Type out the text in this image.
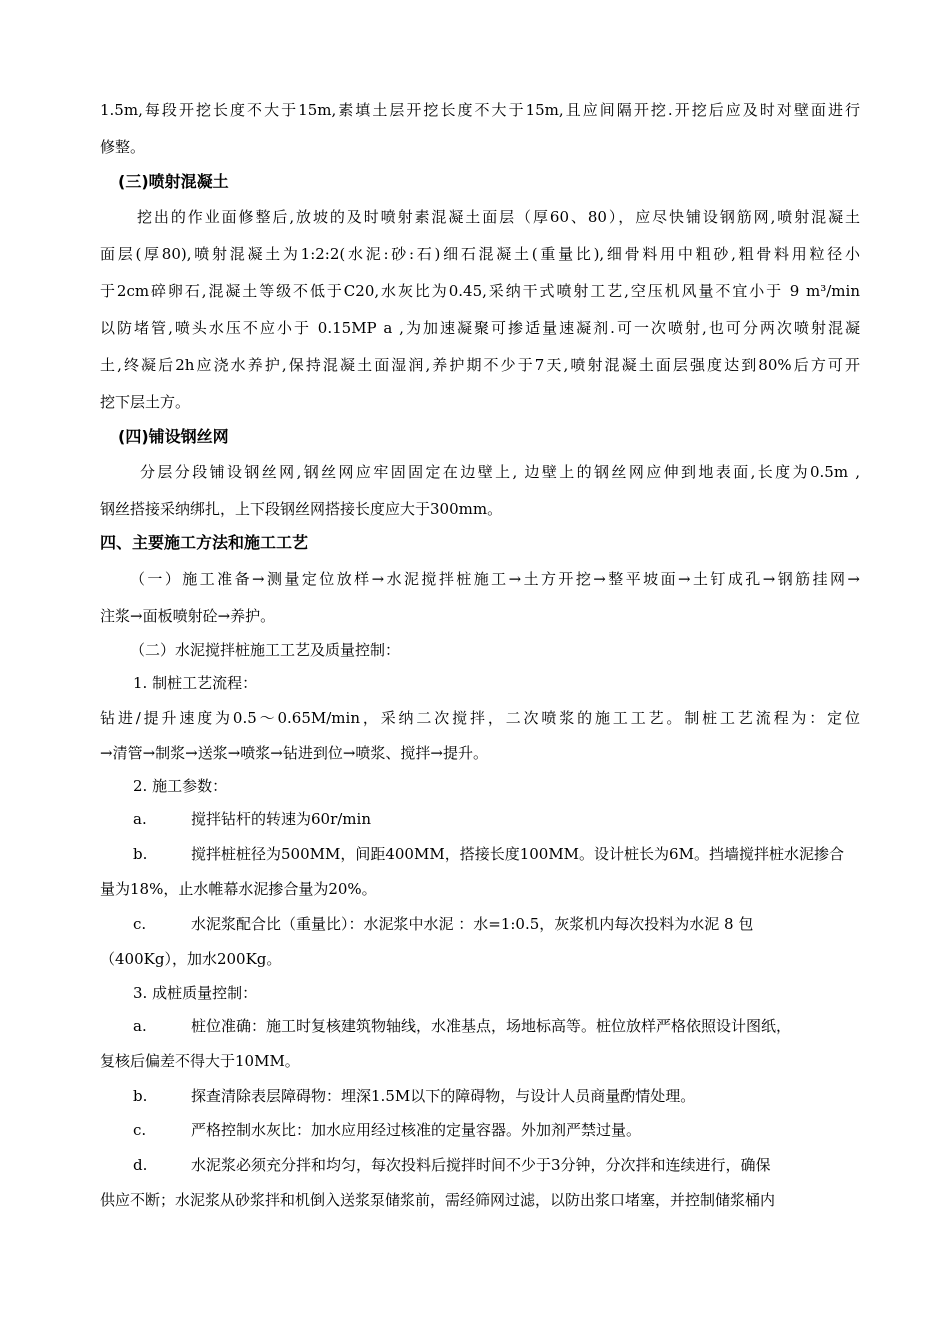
1.5m,每段开挖长度不大于15m,素填土层开挖长度不大于15m,且应间隔开挖.开挖后应及时对壁面进行
修整。
(三)喷射混凝土
挖出的作业面修整后,放坡的及时喷射素混凝土面层（厚60、80），应尽快铺设钢筋网,喷射混凝土
面层(厚80),喷射混凝土为1:2:2(水泥:砂:石)细石混凝土(重量比),细骨料用中粗砂,粗骨料用粒径小
于2cm碎卵石,混凝土等级不低于C20,水灰比为0.45,采纳干式喷射工艺,空压机风量不宜小于 9 m³/min
以防堵管,喷头水压不应小于 0.15MP a ,为加速凝聚可掺适量速凝剂.可一次喷射,也可分两次喷射混凝
土,终凝后2h应浇水养护,保持混凝土面湿润,养护期不少于7天,喷射混凝土面层强度达到80%后方可开
挖下层土方。
(四)铺设钢丝网
分层分段铺设钢丝网,钢丝网应牢固固定在边壁上, 边壁上的钢丝网应伸到地表面,长度为0.5m ,
钢丝搭接采纳绑扎，上下段钢丝网搭接长度应大于300mm。
四、主要施工方法和施工工艺
（一）施工准备→测量定位放样→水泥搅拌桩施工→土方开挖→整平坡面→土钉成孔→钢筋挂网→
注浆→面板喷射砼→养护。
（二）水泥搅拌桩施工工艺及质量控制：
1. 制桩工艺流程：
钻进/提升速度为0.5～0.65M/min，采纳二次搅拌，二次喷浆的施工工艺。制桩工艺流程为：定位
→清管→制浆→送浆→喷浆→钻进到位→喷浆、搅拌→提升。
2. 施工参数：
a.	搅拌钻杆的转速为60r/min
b.	搅拌桩桩径为500MM，间距400MM，搭接长度100MM。设计桩长为6M。挡墙搅拌桩水泥掺合
量为18%，止水帷幕水泥掺合量为20%。
c.	水泥浆配合比（重量比）：水泥浆中水泥 ：水=1:0.5，灰浆机内每次投料为水泥 8 包
（400Kg），加水200Kg。
3. 成桩质量控制：
a.	桩位准确：施工时复核建筑物轴线，水准基点，场地标高等。桩位放样严格依照设计图纸，
复核后偏差不得大于10MM。
b.	探查清除表层障碍物：埋深1.5M以下的障碍物，与设计人员商量酌情处理。
c.	严格控制水灰比：加水应用经过核准的定量容器。外加剂严禁过量。
d.	水泥浆必须充分拌和均匀，每次投料后搅拌时间不少于3分钟，分次拌和连续进行，确保
供应不断；水泥浆从砂浆拌和机倒入送浆泵储浆前，需经筛网过滤，以防出浆口堵塞，并控制储浆桶内
